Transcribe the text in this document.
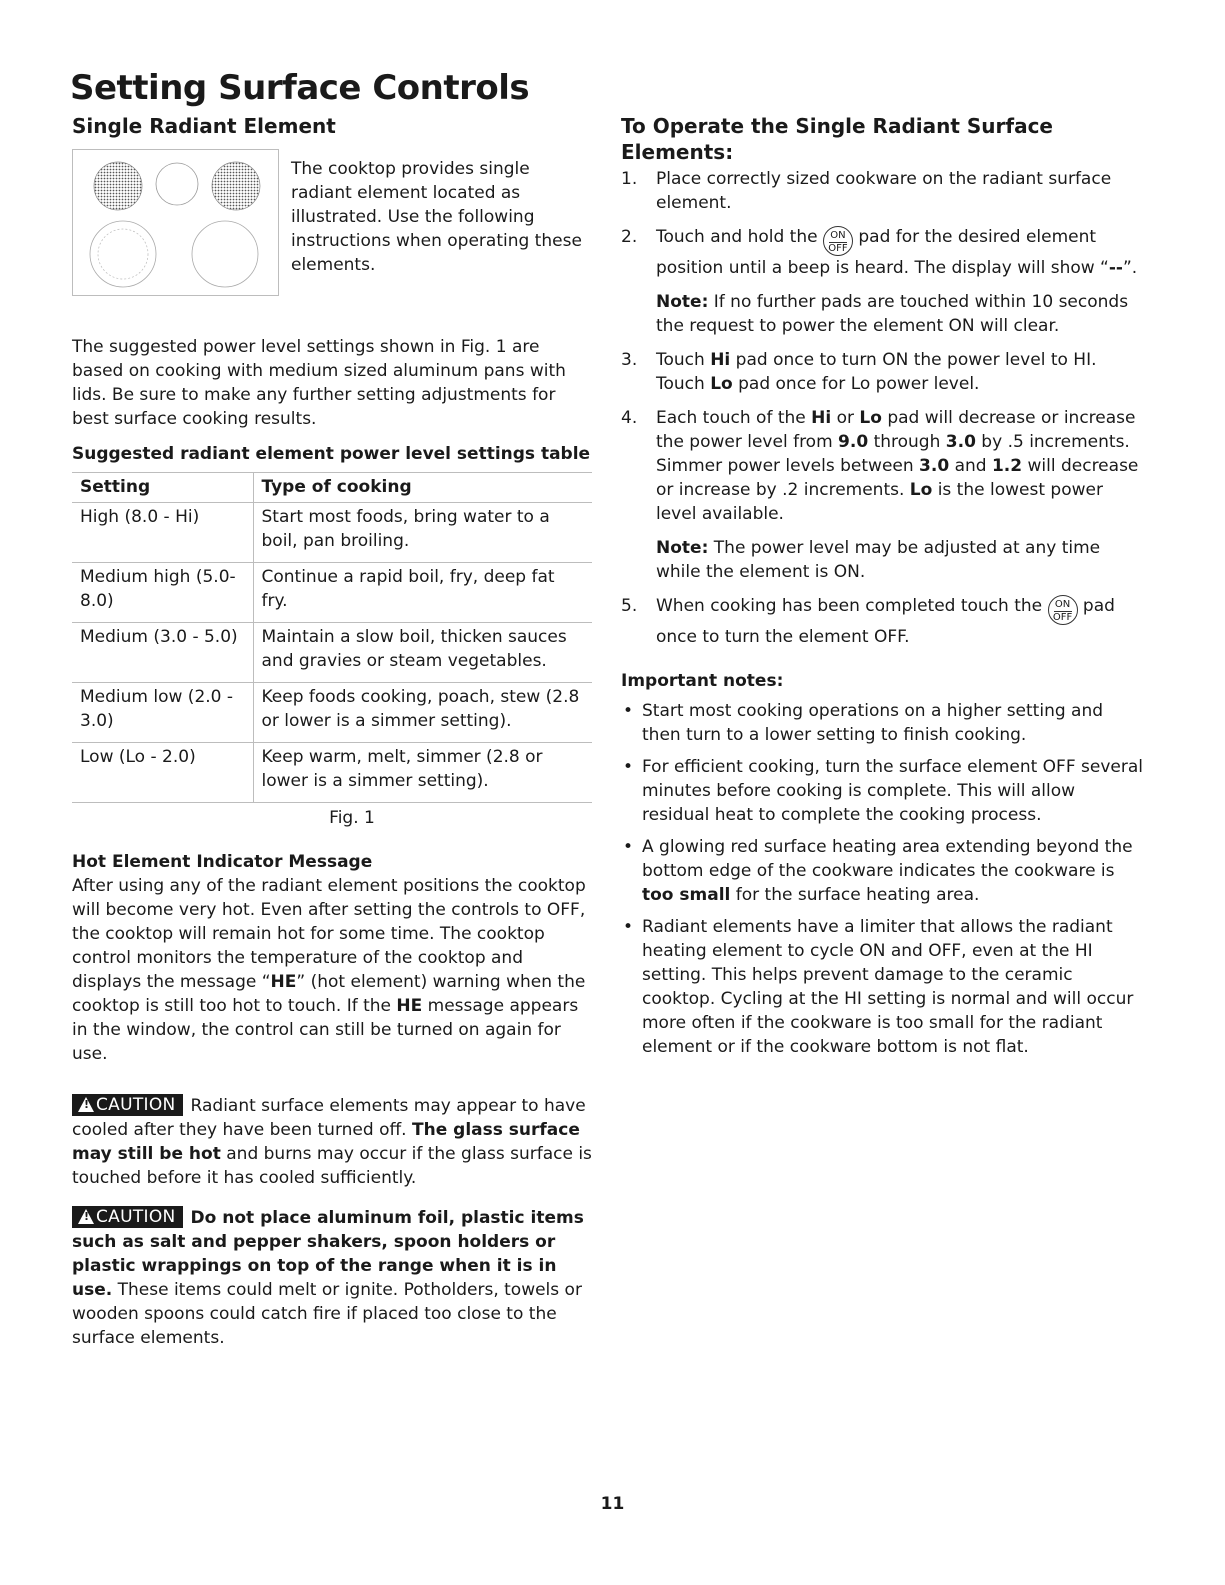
Setting Surface Controls
Single Radiant Element
The cooktop provides single radiant element located as illustrated. Use the following instructions when operating these elements.

The suggested power level settings shown in Fig. 1 are based on cooking with medium sized aluminum pans with lids. Be sure to make any further setting adjustments for best surface cooking results.

Suggested radiant element power level settings table
Setting	Type of cooking
High (8.0 - Hi)	Start most foods, bring water to a boil, pan broiling.
Medium high (5.0-8.0)	Continue a rapid boil, fry, deep fat fry.
Medium (3.0 - 5.0)	Maintain a slow boil, thicken sauces and gravies or steam vegetables.
Medium low (2.0 - 3.0)	Keep foods cooking, poach, stew (2.8 or lower is a simmer setting).
Low (Lo - 2.0)	Keep warm, melt, simmer (2.8 or lower is a simmer setting).
Fig. 1
Hot Element Indicator Message

After using any of the radiant element positions the cooktop will become very hot. Even after setting the controls to OFF, the cooktop will remain hot for some time. The cooktop control monitors the temperature of the cooktop and displays the message “HE” (hot element) warning when the cooktop is still too hot to touch. If the HE message appears in the window, the control can still be turned on again for use.

!CAUTION Radiant surface elements may appear to have cooled after they have been turned off. The glass surface may still be hot and burns may occur if the glass surface is touched before it has cooled sufficiently.

!CAUTION Do not place aluminum foil, plastic items such as salt and pepper shakers, spoon holders or plastic wrappings on top of the range when it is in use. These items could melt or ignite. Potholders, towels or wooden spoons could catch fire if placed too close to the surface elements.

To Operate the Single Radiant Surface Elements:
1. Place correctly sized cookware on the radiant surface element.
2. Touch and hold the ON
OFF pad for the desired element position until a beep is heard. The display will show “--”.
Note: If no further pads are touched within 10 seconds the request to power the element ON will clear.
3. Touch Hi pad once to turn ON the power level to HI. Touch Lo pad once for Lo power level.
4. Each touch of the Hi or Lo pad will decrease or increase the power level from 9.0 through 3.0 by .5 increments. Simmer power levels between 3.0 and 1.2 will decrease or increase by .2 increments. Lo is the lowest power level available.
Note: The power level may be adjusted at any time while the element is ON.
5. When cooking has been completed touch the ON
OFF pad once to turn the element OFF.
Important notes:
• Start most cooking operations on a higher setting and then turn to a lower setting to finish cooking.
• For efficient cooking, turn the surface element OFF several minutes before cooking is complete. This will allow residual heat to complete the cooking process.
• A glowing red surface heating area extending beyond the bottom edge of the cookware indicates the cookware is too small for the surface heating area.
• Radiant elements have a limiter that allows the radiant heating element to cycle ON and OFF, even at the HI setting. This helps prevent damage to the ceramic cooktop. Cycling at the HI setting is normal and will occur more often if the cookware is too small for the radiant element or if the cookware bottom is not flat.
11
